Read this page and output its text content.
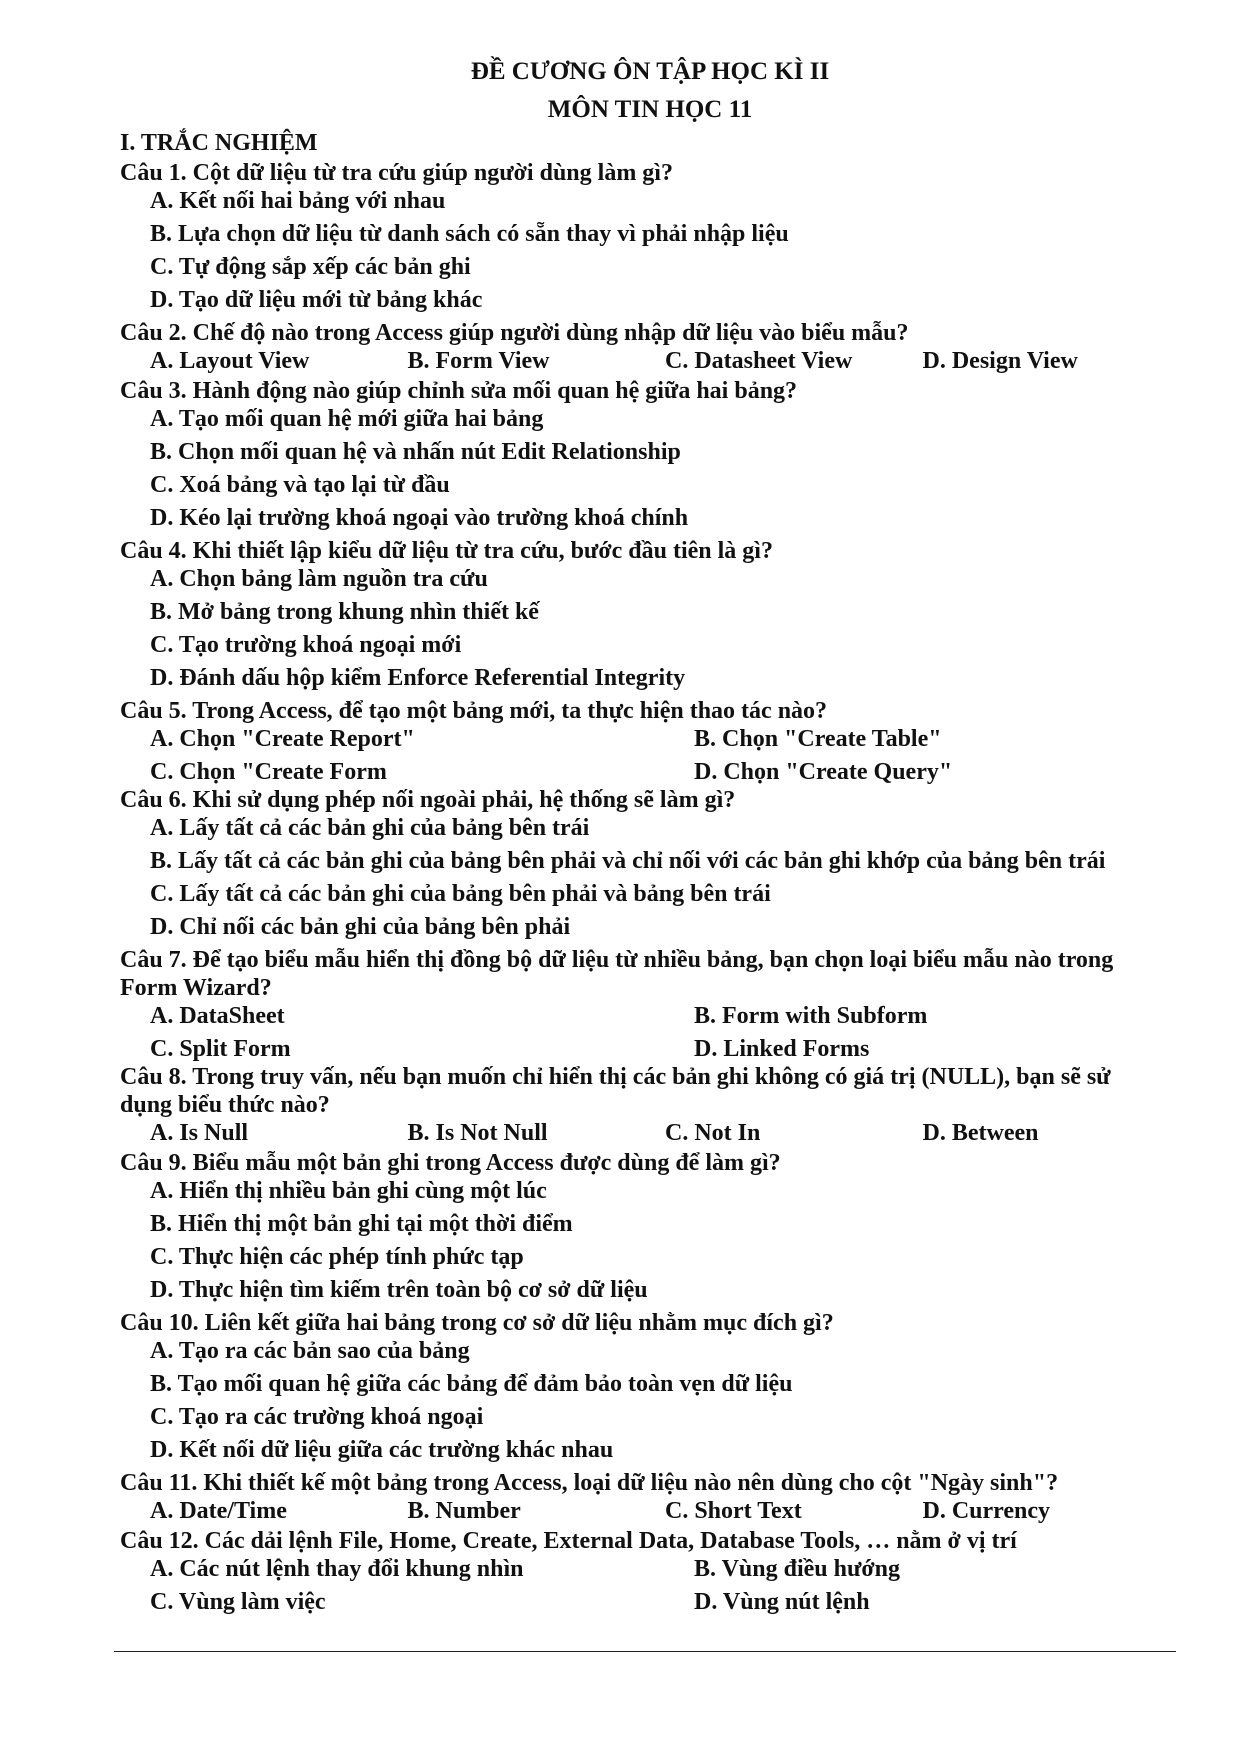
ĐỀ CƯƠNG ÔN TẬP HỌC KÌ II
MÔN TIN HỌC 11
I. TRẮC NGHIỆM
Câu 1. Cột dữ liệu từ tra cứu giúp người dùng làm gì?
A. Kết nối hai bảng với nhau
B. Lựa chọn dữ liệu từ danh sách có sẵn thay vì phải nhập liệu
C. Tự động sắp xếp các bản ghi
D. Tạo dữ liệu mới từ bảng khác
Câu 2. Chế độ nào trong Access giúp người dùng nhập dữ liệu vào biểu mẫu?
A. Layout View	B. Form View	C. Datasheet View	D. Design View
Câu 3. Hành động nào giúp chỉnh sửa mối quan hệ giữa hai bảng?
A. Tạo mối quan hệ mới giữa hai bảng
B. Chọn mối quan hệ và nhấn nút Edit Relationship
C. Xoá bảng và tạo lại từ đầu
D. Kéo lại trường khoá ngoại vào trường khoá chính
Câu 4. Khi thiết lập kiểu dữ liệu từ tra cứu, bước đầu tiên là gì?
A. Chọn bảng làm nguồn tra cứu
B. Mở bảng trong khung nhìn thiết kế
C. Tạo trường khoá ngoại mới
D. Đánh dấu hộp kiểm Enforce Referential Integrity
Câu 5. Trong Access, để tạo một bảng mới, ta thực hiện thao tác nào?
A. Chọn "Create Report"	B. Chọn "Create Table"
C. Chọn "Create Form	D. Chọn "Create Query"
Câu 6. Khi sử dụng phép nối ngoài phải, hệ thống sẽ làm gì?
A. Lấy tất cả các bản ghi của bảng bên trái
B. Lấy tất cả các bản ghi của bảng bên phải và chỉ nối với các bản ghi khớp của bảng bên trái
C. Lấy tất cả các bản ghi của bảng bên phải và bảng bên trái
D. Chỉ nối các bản ghi của bảng bên phải
Câu 7. Để tạo biểu mẫu hiển thị đồng bộ dữ liệu từ nhiều bảng, bạn chọn loại biểu mẫu nào trong
Form Wizard?
A. DataSheet	B. Form with Subform
C. Split Form	D. Linked Forms
Câu 8. Trong truy vấn, nếu bạn muốn chỉ hiển thị các bản ghi không có giá trị (NULL), bạn sẽ sử
dụng biểu thức nào?
A. Is Null	B. Is Not Null	C. Not In	D. Between
Câu 9. Biểu mẫu một bản ghi trong Access được dùng để làm gì?
A. Hiển thị nhiều bản ghi cùng một lúc
B. Hiển thị một bản ghi tại một thời điểm
C. Thực hiện các phép tính phức tạp
D. Thực hiện tìm kiếm trên toàn bộ cơ sở dữ liệu
Câu 10. Liên kết giữa hai bảng trong cơ sở dữ liệu nhằm mục đích gì?
A. Tạo ra các bản sao của bảng
B. Tạo mối quan hệ giữa các bảng để đảm bảo toàn vẹn dữ liệu
C. Tạo ra các trường khoá ngoại
D. Kết nối dữ liệu giữa các trường khác nhau
Câu 11. Khi thiết kế một bảng trong Access, loại dữ liệu nào nên dùng cho cột "Ngày sinh"?
A. Date/Time	B. Number	C. Short Text	D. Currency
Câu 12. Các dải lệnh File, Home, Create, External Data, Database Tools, … nằm ở vị trí
A. Các nút lệnh thay đổi khung nhìn	B. Vùng điều hướng
C. Vùng làm việc	D. Vùng nút lệnh
